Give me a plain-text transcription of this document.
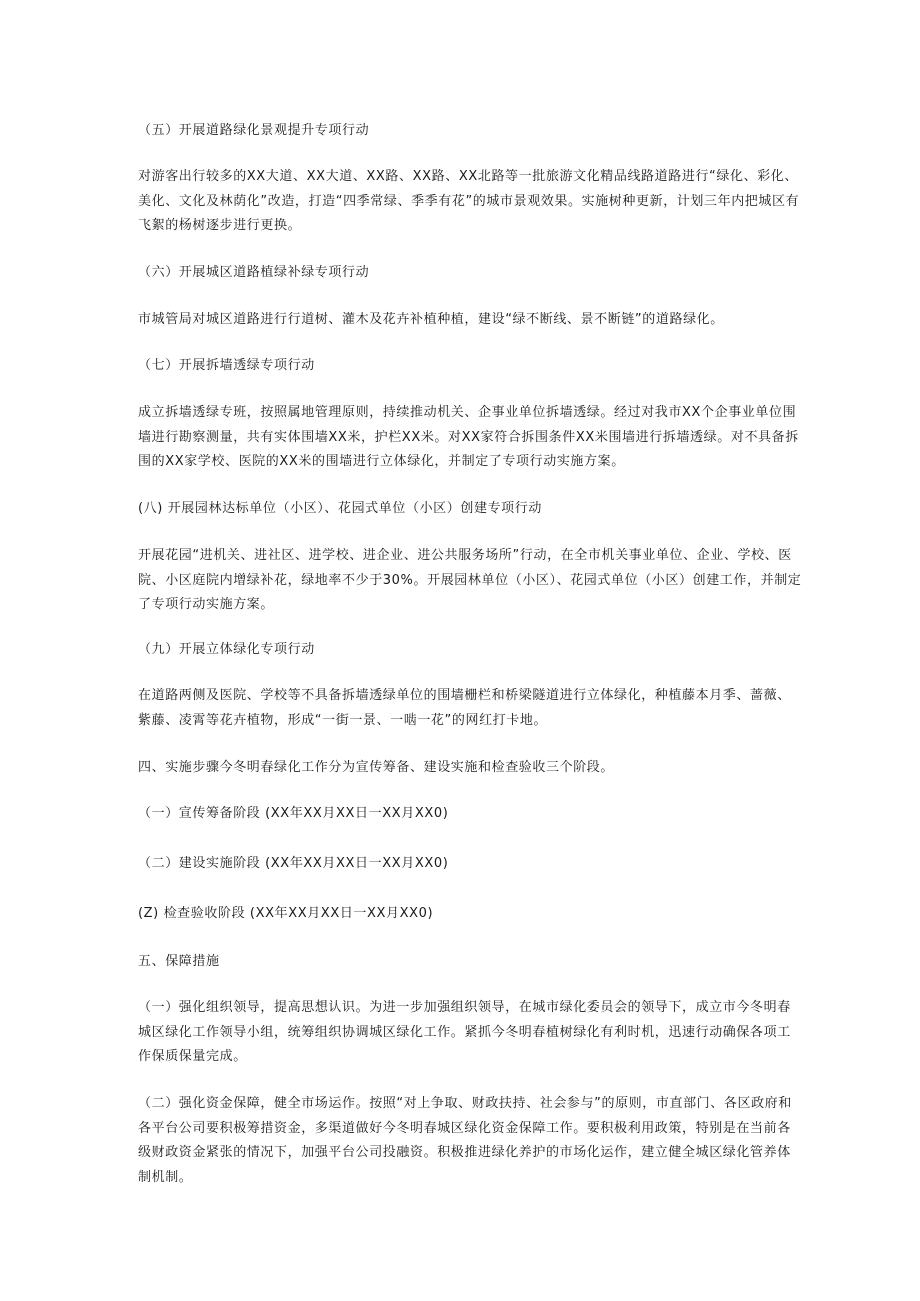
（五）开展道路绿化景观提升专项行动

对游客出行较多的XX大道、XX大道、XX路、XX路、XX北路等一批旅游文化精品线路道路进行“绿化、彩化、美化、文化及林荫化”改造，打造“四季常绿、季季有花”的城市景观效果。实施树种更新，计划三年内把城区有飞絮的杨树逐步进行更换。

（六）开展城区道路植绿补绿专项行动

市城管局对城区道路进行行道树、灌木及花卉补植种植，建设“绿不断线、景不断链”的道路绿化。

（七）开展拆墙透绿专项行动

成立拆墙透绿专班，按照属地管理原则，持续推动机关、企事业单位拆墙透绿。经过对我市XX个企事业单位围墙进行勘察测量，共有实体围墙XX米，护栏XX米。对XX家符合拆围条件XX米围墙进行拆墙透绿。对不具备拆围的XX家学校、医院的XX米的围墙进行立体绿化，并制定了专项行动实施方案。

(八) 开展园林达标单位（小区）、花园式单位（小区）创建专项行动

开展花园“进机关、进社区、进学校、进企业、进公共服务场所”行动，在全市机关事业单位、企业、学校、医院、小区庭院内增绿补花，绿地率不少于30%。开展园林单位（小区）、花园式单位（小区）创建工作，并制定了专项行动实施方案。

（九）开展立体绿化专项行动

在道路两侧及医院、学校等不具备拆墙透绿单位的围墙栅栏和桥梁隧道进行立体绿化，种植藤本月季、蔷薇、紫藤、凌霄等花卉植物，形成“一街一景、一啮一花”的网红打卡地。

四、实施步骤今冬明春绿化工作分为宣传筹备、建设实施和检查验收三个阶段。

（一）宣传筹备阶段 (XX年XX月XX日一XX月XX0)

（二）建设实施阶段 (XX年XX月XX日一XX月XX0)

(Z) 检查验收阶段 (XX年XX月XX日一XX月XX0)

五、保障措施

（一）强化组织领导，提高思想认识。为进一步加强组织领导，在城市绿化委员会的领导下，成立市今冬明春城区绿化工作领导小组，统筹组织协调城区绿化工作。紧抓今冬明春植树绿化有利时机，迅速行动确保各项工作保质保量完成。

（二）强化资金保障，健全市场运作。按照“对上争取、财政扶持、社会参与”的原则，市直部门、各区政府和各平台公司要积极筹措资金，多渠道做好今冬明春城区绿化资金保障工作。要积极利用政策，特别是在当前各级财政资金紧张的情况下，加强平台公司投融资。积极推进绿化养护的市场化运作，建立健全城区绿化管养体制机制。
